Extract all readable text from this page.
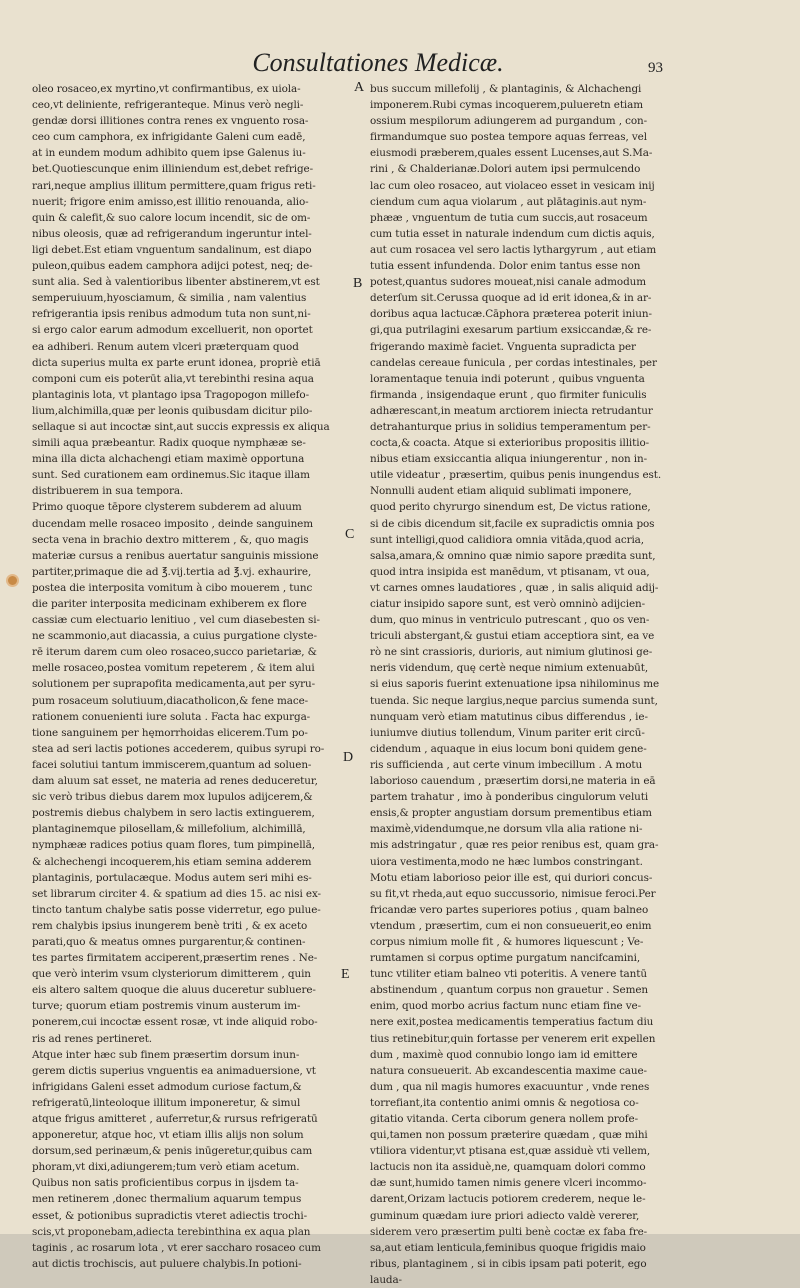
Consultationes Medicæ.	93
A
B
C
D
E
oleo rosaceo,ex myrtino,vt confirmantibus, ex uiola-
ceo,vt deliniente, refrigeranteque. Minus verò negli-
gendæ dorsi illitiones contra renes ex vnguento rosa-
ceo cum camphora, ex infrigidante Galeni cum eadē,
at in eundem modum adhibito quem ipse Galenus iu-
bet.Quotiescunque enim illiniendum est,debet refrige-
rari,neque amplius illitum permittere,quam frigus reti-
nuerit; frigore enim amisso,est illitio renouanda, alio-
quin & calefit,& suo calore locum incendit, sic de om-
nibus oleosis, quæ ad refrigerandum ingeruntur intel-
ligi debet.Est etiam vnguentum sandalinum, est diapo
puleon,quibus eadem camphora adijci potest, neq; de-
sunt alia. Sed à valentioribus libenter abstinerem,vt est
semperuiuum,hyosciamum, & similia , nam valentius
refrigerantia ipsis renibus admodum tuta non sunt,ni-
si ergo calor earum admodum excelluerit, non oportet
ea adhiberi. Renum autem vlceri præterquam quod
dicta superius multa ex parte erunt idonea, propriè etiā
componi cum eis poterūt alia,vt terebinthi resina aqua
plantaginis lota, vt plantago ipsa Tragopogon millefo-
lium,alchimilla,quæ per leonis quibusdam dicitur pilo-
sellaque si aut incoctæ sint,aut succis expressis ex aliqua
simili aqua præbeantur. Radix quoque nymphææ se-
mina illa dicta alchachengi etiam maximè opportuna
sunt. Sed curationem eam ordinemus.Sic itaque illam
distribuerem in sua tempora.
Primo quoque tēpore clysterem subderem ad aluum
ducendam melle rosaceo imposito , deinde sanguinem
secta vena in brachio dextro mitterem , &, quo magis
materiæ cursus a renibus auertatur sanguinis missione
partiter,primaque die ad ℥.vij.tertia ad ℥.vj. exhaurire,
postea die interposita vomitum à cibo mouerem , tunc
die pariter interposita medicinam exhiberem ex flore
cassiæ cum electuario lenitiuo , vel cum diasebesten si-
ne scammonio,aut diacassia, a cuius purgatione clyste-
rē iterum darem cum oleo rosaceo,succo parietariæ, &
melle rosaceo,postea vomitum repeterem , & item alui
solutionem per suprapofita medicamenta,aut per syru-
pum rosaceum solutiuum,diacatholicon,& fene mace-
rationem conuenienti iure soluta . Facta hac expurga-
tione sanguinem per hęmorrhoidas elicerem.Tum po-
stea ad seri lactis potiones accederem, quibus syrupi ro-
facei solutiui tantum immiscerem,quantum ad soluen-
dam aluum sat esset, ne materia ad renes deduceretur,
sic verò tribus diebus darem mox lupulos adijcerem,&
postremis diebus chalybem in sero lactis extinguerem,
plantaginemque pilosellam,& millefolium, alchimillā,
nymphææ radices potius quam flores, tum pimpinellā,
& alchechengi incoquerem,his etiam semina adderem
plantaginis, portulacæque. Modus autem seri mihi es-
set librarum circiter 4. & spatium ad dies 15. ac nisi ex-
tincto tantum chalybe satis posse viderretur, ego pulue-
rem chalybis ipsius inungerem benè triti , & ex aceto
parati,quo & meatus omnes purgarentur,& continen-
tes partes firmitatem acciperent,præsertim renes . Ne-
que verò interim vsum clysteriorum dimitterem , quin
eis altero saltem quoque die aluus duceretur subluere-
turve; quorum etiam postremis vinum austerum im-
ponerem,cui incoctæ essent rosæ, vt inde aliquid robo-
ris ad renes pertineret.
Atque inter hæc sub finem præsertim dorsum inun-
gerem dictis superius vnguentis ea animaduersione, vt
infrigidans Galeni esset admodum curiose factum,&
refrigeratū,linteoloque illitum imponeretur, & simul
atque frigus amitteret , auferretur,& rursus refrigeratū
apponeretur, atque hoc, vt etiam illis alijs non solum
dorsum,sed perinæum,& penis inūgeretur,quibus cam
phoram,vt dixi,adiungerem;tum verò etiam acetum.
Quibus non satis proficientibus corpus in ijsdem ta-
men retinerem ,donec thermalium aquarum tempus
esset, & potionibus supradictis vteret adiectis trochi-
scis,vt proponebam,adiecta terebinthina ex aqua plan
taginis , ac rosarum lota , vt erer saccharo rosaceo cum
aut dictis trochiscis, aut puluere chalybis.In potioni-
bus succum millefolij , & plantaginis, & Alchachengi
imponerem.Rubi cymas incoquerem,pulueretn etiam
ossium mespilorum adiungerem ad purgandum , con-
firmandumque suo postea tempore aquas ferreas, vel
eiusmodi præberem,quales essent Lucenses,aut S.Ma-
rini , & Chalderianæ.Dolori autem ipsi permulcendo
lac cum oleo rosaceo, aut violaceo esset in vesicam inij
ciendum cum aqua violarum , aut plātaginis.aut nym-
phææ , vnguentum de tutia cum succis,aut rosaceum
cum tutia esset in naturale indendum cum dictis aquis,
aut cum rosacea vel sero lactis lythargyrum , aut etiam
tutia essent infundenda. Dolor enim tantus esse non
potest,quantus sudores moueat,nisi canale admodum
deterſum sit.Cerussa quoque ad id erit idonea,& in ar-
doribus aqua lactucæ.Cāphora præterea poterit iniun-
gi,qua putrilagini exesarum partium exsiccandæ,& re-
frigerando maximè faciet. Vnguenta supradicta per
candelas cereaue funicula , per cordas intestinales, per
loramentaque tenuia indi poterunt , quibus vnguenta
firmanda , insigendaque erunt , quo firmiter funiculis
adhærescant,in meatum arctiorem iniecta retrudantur
detrahanturque prius in solidius temperamentum per-
cocta,& coacta. Atque si exterioribus propositis illitio-
nibus etiam exsiccantia aliqua iniungerentur , non in-
utile videatur , præsertim, quibus penis inungendus est.
Nonnulli audent etiam aliquid sublimati imponere,
quod perito chyrurgo sinendum est, De victus ratione,
si de cibis dicendum sit,facile ex supradictis omnia pos
sunt intelligi,quod calidiora omnia vitāda,quod acria,
salsa,amara,& omnino quæ nimio sapore prædita sunt,
quod intra insipida est manēdum, vt ptisanam, vt oua,
vt carnes omnes laudatiores , quæ , in salis aliquid adij-
ciatur insipido sapore sunt, est verò omninò adijcien-
dum, quo minus in ventriculo putrescant , quo os ven-
triculi abstergant,& gustui etiam acceptiora sint, ea ve
rò ne sint crassioris, durioris, aut nimium glutinosi ge-
neris videndum, quę certè neque nimium extenuabūt,
si eius saporis fuerint extenuatione ipsa nihilominus me
tuenda. Sic neque largius,neque parcius sumenda sunt,
nunquam verò etiam matutinus cibus differendus , ie-
iuniumve diutius tollendum, Vinum pariter erit circū-
cidendum , aquaque in eius locum boni quidem gene-
ris sufficienda , aut certe vinum imbecillum . A motu
laborioso cauendum , præsertim dorsi,ne materia in eā
partem trahatur , imo à ponderibus cingulorum veluti
ensis,& propter angustiam dorsum prementibus etiam
maximè,videndumque,ne dorsum vlla alia ratione ni-
mis adstringatur , quæ res peior renibus est, quam gra-
uiora vestimenta,modo ne hæc lumbos constringant.
Motu etiam laborioso peior ille est, qui duriori concus-
su fit,vt rheda,aut equo succussorio, nimisue feroci.Per
fricandæ vero partes superiores potius , quam balneo
vtendum , præsertim, cum ei non consueuerit,eo enim
corpus nimium molle fit , & humores liquescunt ; Ve-
rumtamen si corpus optime purgatum nancifcamini,
tunc vtiliter etiam balneo vti poteritis. A venere tantū
abstinendum , quantum corpus non grauetur . Semen
enim, quod morbo acrius factum nunc etiam fine ve-
nere exit,postea medicamentis temperatius factum diu
tius retinebitur,quin fortasse per venerem erit expellen
dum , maximè quod connubio longo iam id emittere
natura consueuerit. Ab excandescentia maxime caue-
dum , qua nil magis humores exacuuntur , vnde renes
torrefiant,ita contentio animi omnis & negotiosa co-
gitatio vitanda. Certa ciborum genera nollem profe-
qui,tamen non possum præterire quædam , quæ mihi
vtiliora videntur,vt ptisana est,quæ assiduè vti vellem,
lactucis non ita assiduè,ne, quamquam dolori commo
dæ sunt,humido tamen nimis genere vlceri incommo-
darent,Orizam lactucis potiorem crederem, neque le-
guminum quædam iure priori adiecto valdè vererer,
siderem vero præsertim pulti benè coctæ ex faba fre-
sa,aut etiam lenticula,feminibus quoque frigidis maio
ribus, plantaginem , si in cibis ipsam pati poterit, ego
lauda-
